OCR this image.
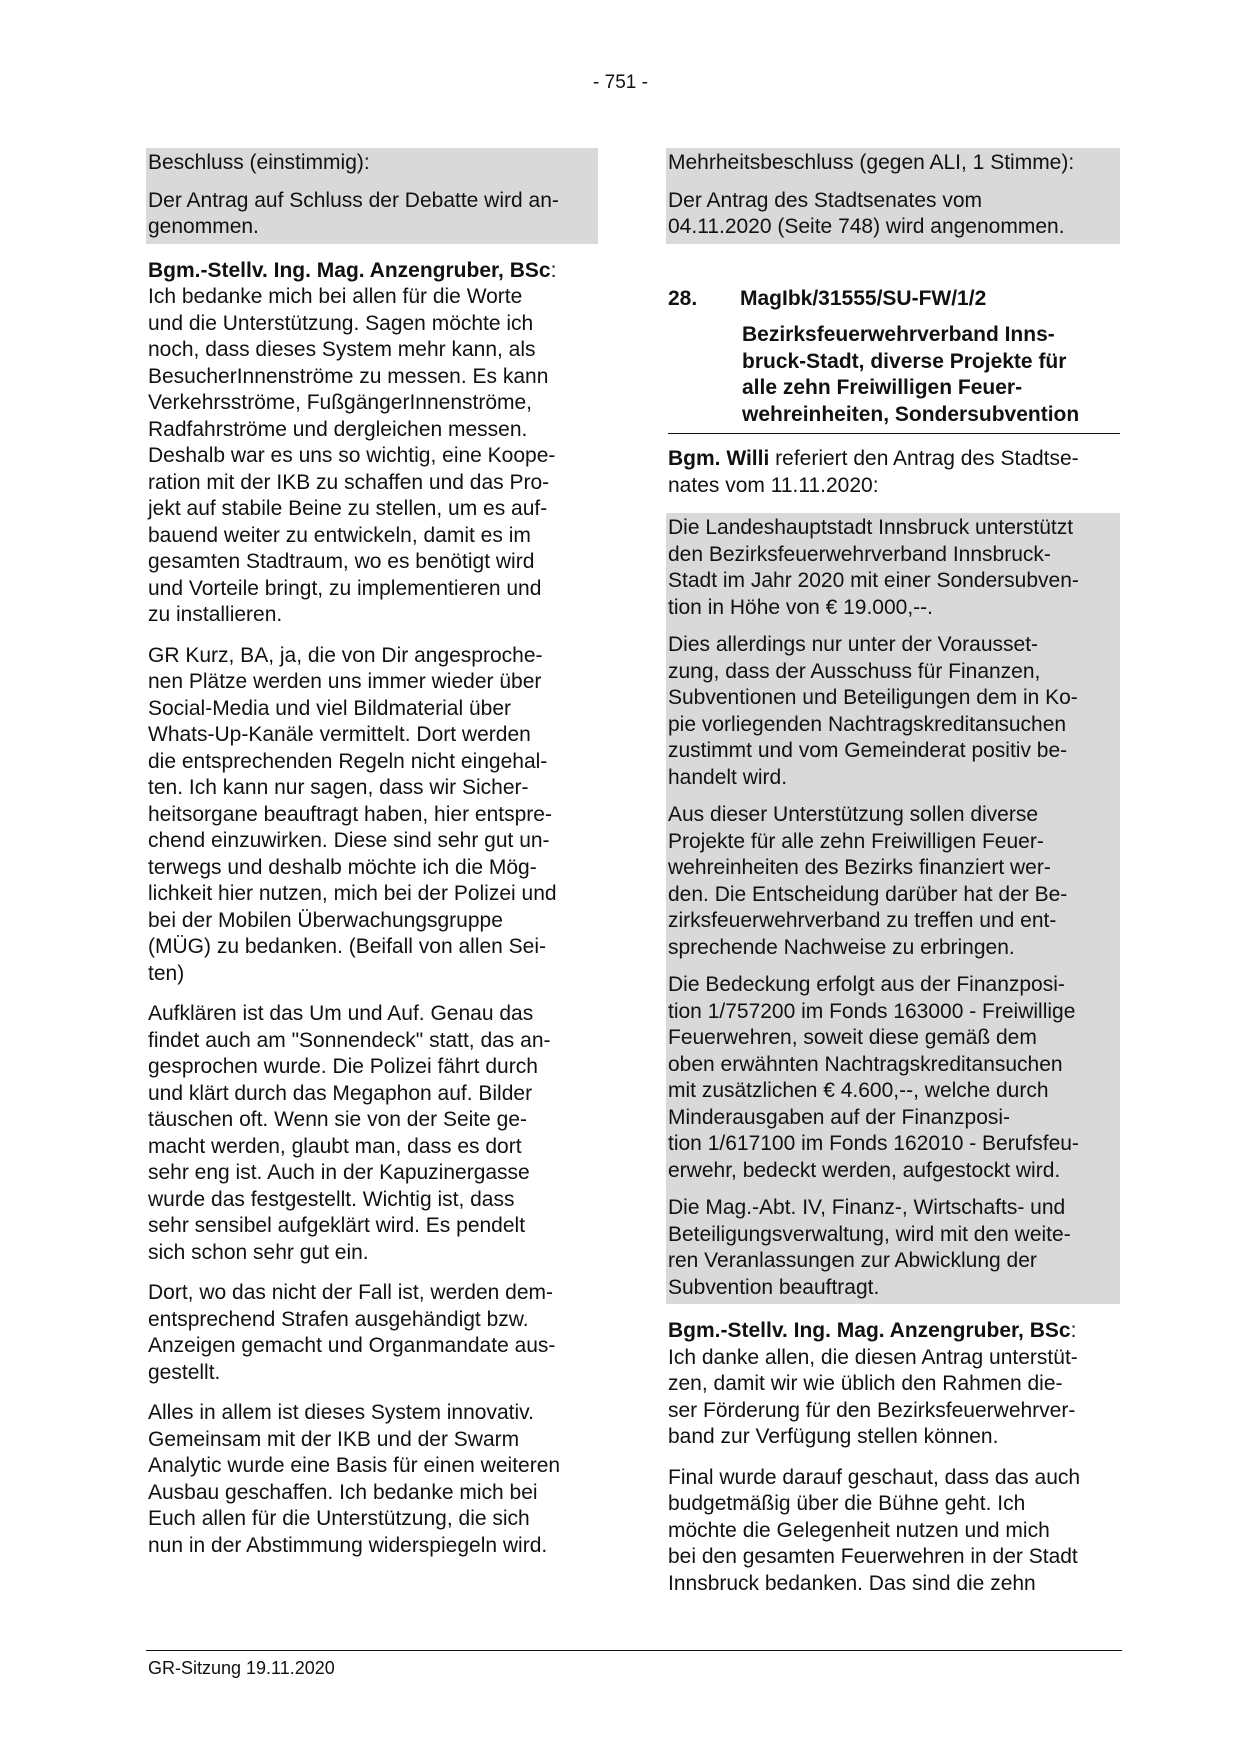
- 751 -
Beschluss (einstimmig):
Der Antrag auf Schluss der Debatte wird an-
genommen.
Bgm.-Stellv. Ing. Mag. Anzengruber, BSc:
Ich bedanke mich bei allen für die Worte
und die Unterstützung. Sagen möchte ich
noch, dass dieses System mehr kann, als
BesucherInnenströme zu messen. Es kann
Verkehrsströme, FußgängerInnenströme,
Radfahrströme und dergleichen messen.
Deshalb war es uns so wichtig, eine Koope-
ration mit der IKB zu schaffen und das Pro-
jekt auf stabile Beine zu stellen, um es auf-
bauend weiter zu entwickeln, damit es im
gesamten Stadtraum, wo es benötigt wird
und Vorteile bringt, zu implementieren und
zu installieren.
GR Kurz, BA, ja, die von Dir angesproche-
nen Plätze werden uns immer wieder über
Social-Media und viel Bildmaterial über
Whats-Up-Kanäle vermittelt. Dort werden
die entsprechenden Regeln nicht eingehal-
ten. Ich kann nur sagen, dass wir Sicher-
heitsorgane beauftragt haben, hier entspre-
chend einzuwirken. Diese sind sehr gut un-
terwegs und deshalb möchte ich die Mög-
lichkeit hier nutzen, mich bei der Polizei und
bei der Mobilen Überwachungsgruppe
(MÜG) zu bedanken. (Beifall von allen Sei-
ten)
Aufklären ist das Um und Auf. Genau das
findet auch am "Sonnendeck" statt, das an-
gesprochen wurde. Die Polizei fährt durch
und klärt durch das Megaphon auf. Bilder
täuschen oft. Wenn sie von der Seite ge-
macht werden, glaubt man, dass es dort
sehr eng ist. Auch in der Kapuzinergasse
wurde das festgestellt. Wichtig ist, dass
sehr sensibel aufgeklärt wird. Es pendelt
sich schon sehr gut ein.
Dort, wo das nicht der Fall ist, werden dem-
entsprechend Strafen ausgehändigt bzw.
Anzeigen gemacht und Organmandate aus-
gestellt.
Alles in allem ist dieses System innovativ.
Gemeinsam mit der IKB und der Swarm
Analytic wurde eine Basis für einen weiteren
Ausbau geschaffen. Ich bedanke mich bei
Euch allen für die Unterstützung, die sich
nun in der Abstimmung widerspiegeln wird.
Mehrheitsbeschluss (gegen ALI, 1 Stimme):
Der Antrag des Stadtsenates vom
04.11.2020 (Seite 748) wird angenommen.
28. MagIbk/31555/SU-FW/1/2
Bezirksfeuerwehrverband Inns-
bruck-Stadt, diverse Projekte für
alle zehn Freiwilligen Feuer-
wehreinheiten, Sondersubvention
Bgm. Willi referiert den Antrag des Stadtse-
nates vom 11.11.2020:
Die Landeshauptstadt Innsbruck unterstützt
den Bezirksfeuerwehrverband Innsbruck-
Stadt im Jahr 2020 mit einer Sondersubven-
tion in Höhe von € 19.000,--.
Dies allerdings nur unter der Vorausset-
zung, dass der Ausschuss für Finanzen,
Subventionen und Beteiligungen dem in Ko-
pie vorliegenden Nachtragskreditansuchen
zustimmt und vom Gemeinderat positiv be-
handelt wird.
Aus dieser Unterstützung sollen diverse
Projekte für alle zehn Freiwilligen Feuer-
wehreinheiten des Bezirks finanziert wer-
den. Die Entscheidung darüber hat der Be-
zirksfeuerwehrverband zu treffen und ent-
sprechende Nachweise zu erbringen.
Die Bedeckung erfolgt aus der Finanzposi-
tion 1/757200 im Fonds 163000 - Freiwillige
Feuerwehren, soweit diese gemäß dem
oben erwähnten Nachtragskreditansuchen
mit zusätzlichen € 4.600,--, welche durch
Minderausgaben auf der Finanzposi-
tion 1/617100 im Fonds 162010 - Berufsfeu-
erwehr, bedeckt werden, aufgestockt wird.
Die Mag.-Abt. IV, Finanz-, Wirtschafts- und
Beteiligungsverwaltung, wird mit den weite-
ren Veranlassungen zur Abwicklung der
Subvention beauftragt.
Bgm.-Stellv. Ing. Mag. Anzengruber, BSc:
Ich danke allen, die diesen Antrag unterstüt-
zen, damit wir wie üblich den Rahmen die-
ser Förderung für den Bezirksfeuerwehrver-
band zur Verfügung stellen können.
Final wurde darauf geschaut, dass das auch
budgetmäßig über die Bühne geht. Ich
möchte die Gelegenheit nutzen und mich
bei den gesamten Feuerwehren in der Stadt
Innsbruck bedanken. Das sind die zehn
GR-Sitzung 19.11.2020
